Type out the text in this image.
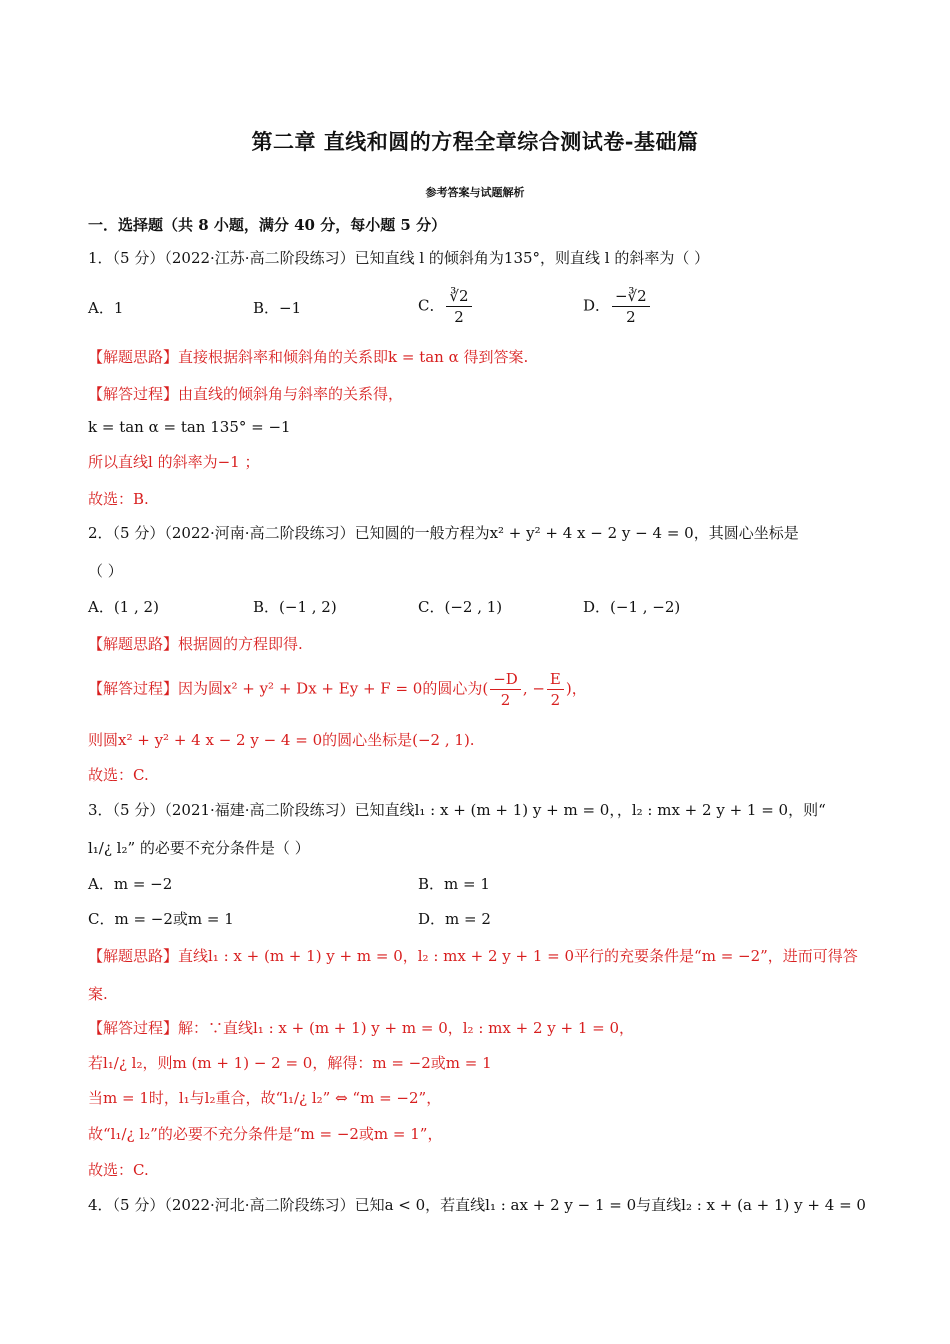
第二章 直线和圆的方程全章综合测试卷-基础篇
参考答案与试题解析
一．选择题（共 8 小题，满分 40 分，每小题 5 分）
1．（5 分）（2022·江苏·高二阶段练习）已知直线 l 的倾斜角为135°，则直线 l 的斜率为（ ）
A．1	B．−1	C． $\frac{∛2}{2}$	D． $\frac{-∛2}{2}$
【解题思路】直接根据斜率和倾斜角的关系即k = tan α 得到答案.
【解答过程】由直线的倾斜角与斜率的关系得，
k = tan α = tan 135° = −1
所以直线l 的斜率为−1 ；
故选：B.
2．（5 分）（2022·河南·高二阶段练习）已知圆的一般方程为x² + y² + 4 x − 2 y − 4 = 0，其圆心坐标是
（ ）
A．(1 , 2)	B．(−1 , 2)	C．(−2 , 1)	D．(−1 , −2)
【解题思路】根据圆的方程即得.
【解答过程】因为圆x² + y² + Dx + Ey + F = 0的圆心为( $\frac{-D}{2}$ , − $\frac{E}{2}$ )，
则圆x² + y² + 4 x − 2 y − 4 = 0的圆心坐标是(−2 , 1).
故选：C.
3．（5 分）（2021·福建·高二阶段练习）已知直线l₁ : x + (m + 1) y + m = 0，，l₂ : mx + 2 y + 1 = 0，则“
l₁/¿ l₂” 的必要不充分条件是（ ）
A．m = −2	B．m = 1
C．m = −2或m = 1	D．m = 2
【解题思路】直线l₁ : x + (m + 1) y + m = 0，l₂ : mx + 2 y + 1 = 0平行的充要条件是“m = −2”，进而可得答
案.
【解答过程】解：∵直线l₁ : x + (m + 1) y + m = 0，l₂ : mx + 2 y + 1 = 0，
若l₁/¿ l₂，则m (m + 1) − 2 = 0，解得：m = −2或m = 1
当m = 1时，l₁与l₂重合，故“l₁/¿ l₂” ⇔ “m = −2”，
故“l₁/¿ l₂”的必要不充分条件是“m = −2或m = 1”，
故选：C.
4．（5 分）（2022·河北·高二阶段练习）已知a < 0，若直线l₁ : ax + 2 y − 1 = 0与直线l₂ : x + (a + 1) y + 4 = 0
